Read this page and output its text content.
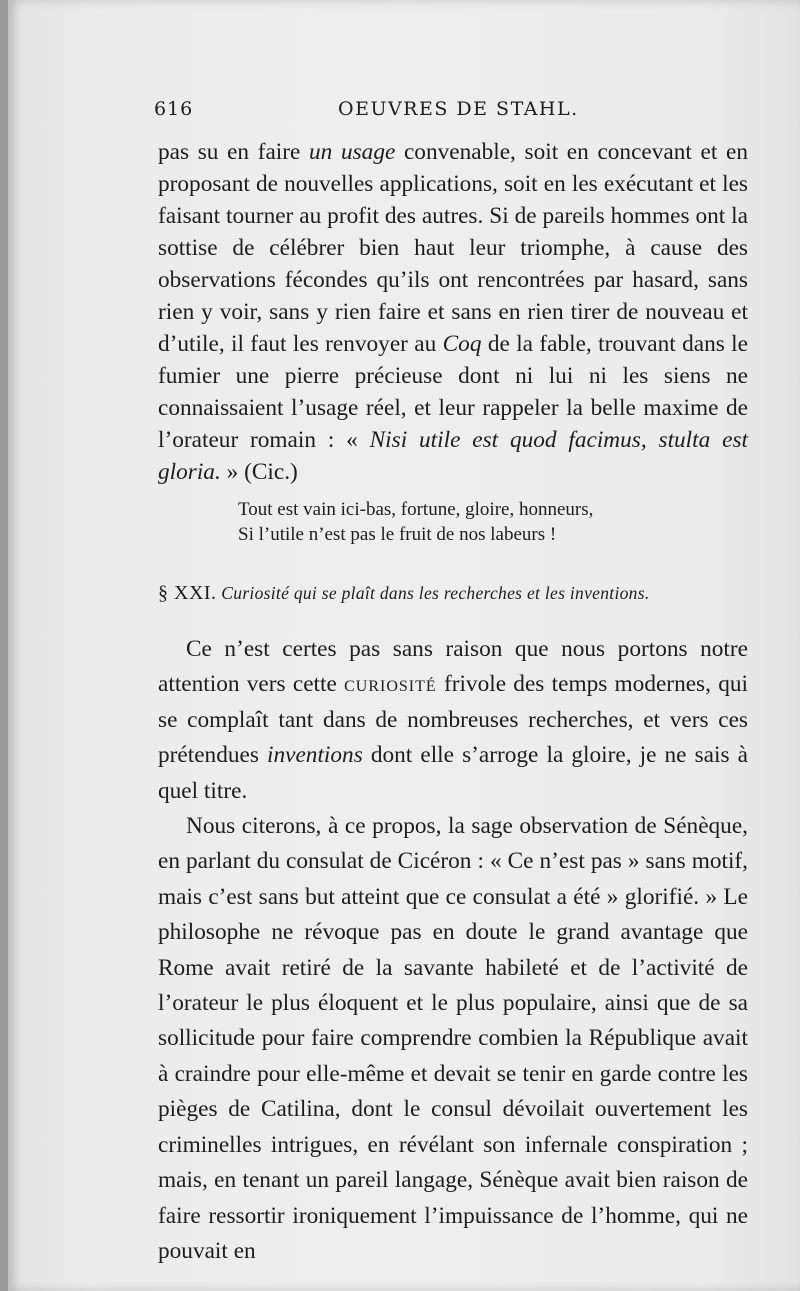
616	OEUVRES DE STAHL.

pas su en faire un usage convenable, soit en concevant et en proposant de nouvelles applications, soit en les exécutant et les faisant tourner au profit des autres. Si de pareils hommes ont la sottise de célébrer bien haut leur triomphe, à cause des observations fécondes qu’ils ont rencontrées par hasard, sans rien y voir, sans y rien faire et sans en rien tirer de nouveau et d’utile, il faut les renvoyer au Coq de la fable, trouvant dans le fumier une pierre précieuse dont ni lui ni les siens ne connaissaient l’usage réel, et leur rappeler la belle maxime de l’orateur romain : « Nisi utile est quod facimus, stulta est gloria. » (Cic.)

Tout est vain ici-bas, fortune, gloire, honneurs,
Si l’utile n’est pas le fruit de nos labeurs !
§ XXI. Curiosité qui se plaît dans les recherches et les inventions.

Ce n’est certes pas sans raison que nous portons notre attention vers cette curiosité frivole des temps modernes, qui se complaît tant dans de nombreuses recherches, et vers ces prétendues inventions dont elle s’arroge la gloire, je ne sais à quel titre.

Nous citerons, à ce propos, la sage observation de Sénèque, en parlant du consulat de Cicéron : « Ce n’est pas » sans motif, mais c’est sans but atteint que ce consulat a été » glorifié. » Le philosophe ne révoque pas en doute le grand avantage que Rome avait retiré de la savante habileté et de l’activité de l’orateur le plus éloquent et le plus populaire, ainsi que de sa sollicitude pour faire comprendre combien la République avait à craindre pour elle-même et devait se tenir en garde contre les pièges de Catilina, dont le consul dévoilait ouvertement les criminelles intrigues, en révélant son infernale conspiration ; mais, en tenant un pareil langage, Sénèque avait bien raison de faire ressortir ironiquement l’impuissance de l’homme, qui ne pouvait en
